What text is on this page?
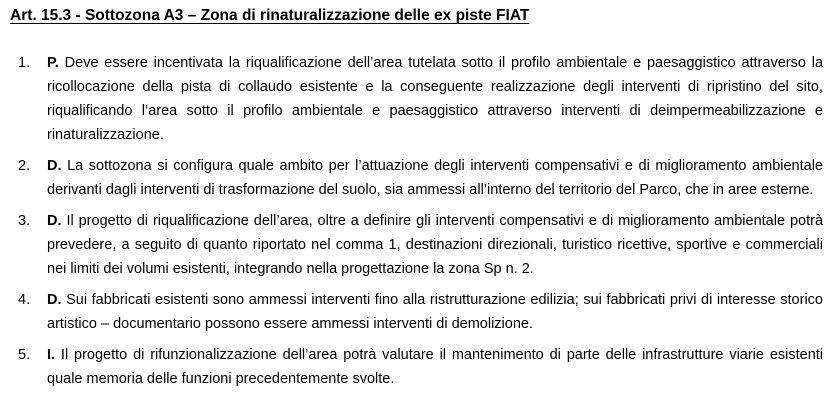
Art. 15.3 - Sottozona A3 – Zona di rinaturalizzazione delle ex piste FIAT
1.	P. Deve essere incentivata la riqualificazione dell’area tutelata sotto il profilo ambientale e paesaggistico attraverso la ricollocazione della pista di collaudo esistente e la conseguente realizzazione degli interventi di ripristino del sito, riqualificando l’area sotto il profilo ambientale e paesaggistico attraverso interventi di deimpermeabilizzazione e rinaturalizzazione.
2.	D. La sottozona si configura quale ambito per l’attuazione degli interventi compensativi e di miglioramento ambientale derivanti dagli interventi di trasformazione del suolo, sia ammessi all’interno del territorio del Parco, che in aree esterne.
3.	D. Il progetto di riqualificazione dell’area, oltre a definire gli interventi compensativi e di miglioramento ambientale potrà prevedere, a seguito di quanto riportato nel comma 1, destinazioni direzionali, turistico ricettive, sportive e commerciali nei limiti dei volumi esistenti, integrando nella progettazione la zona Sp n. 2.
4.	D. Sui fabbricati esistenti sono ammessi interventi fino alla ristrutturazione edilizia; sui fabbricati privi di interesse storico artistico – documentario possono essere ammessi interventi di demolizione.
5.	I. Il progetto di rifunzionalizzazione dell’area potrà valutare il mantenimento di parte delle infrastrutture viarie esistenti quale memoria delle funzioni precedentemente svolte.
